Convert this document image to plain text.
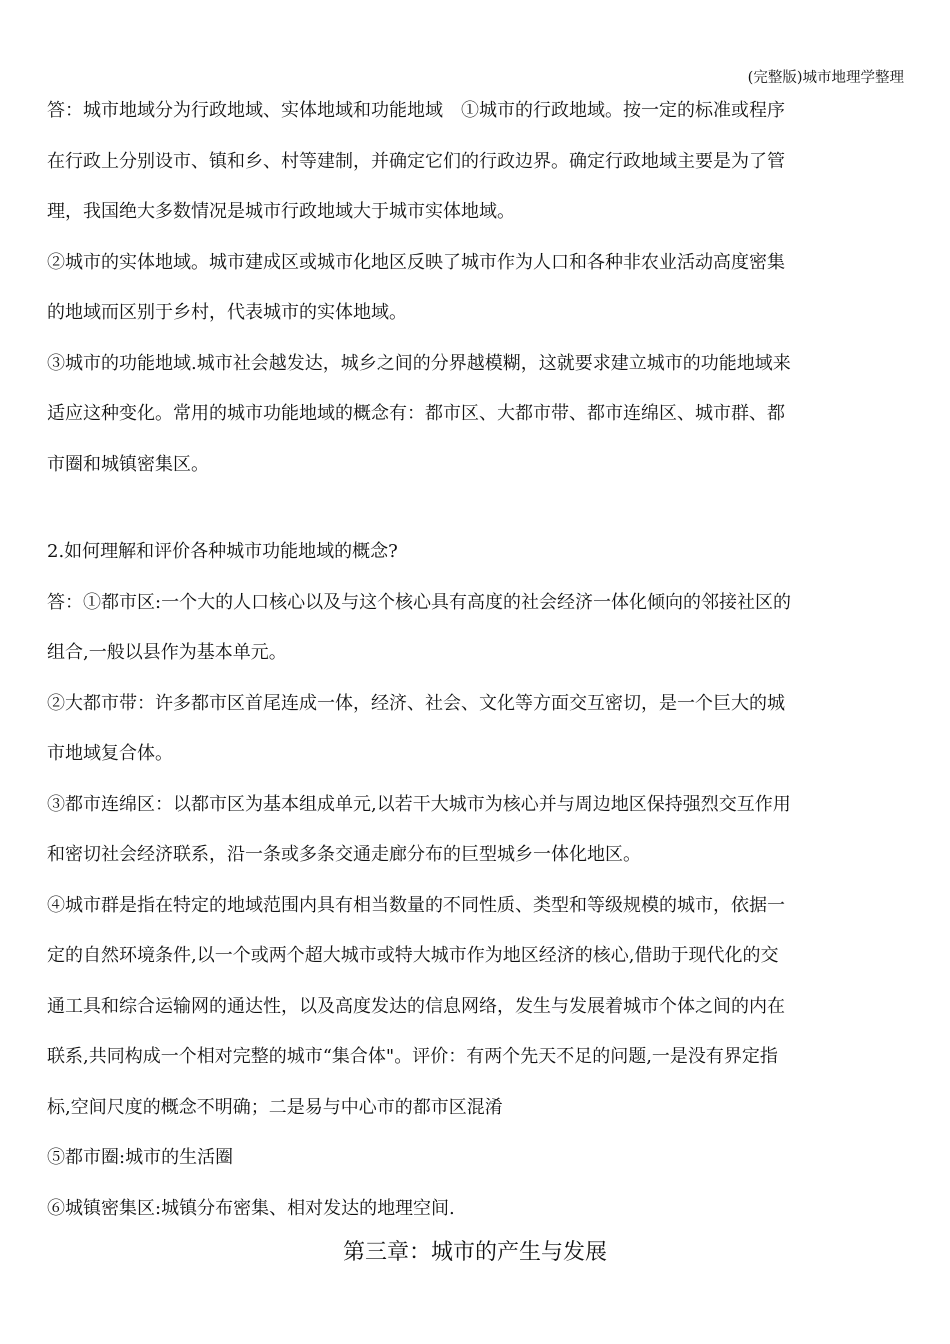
(完整版)城市地理学整理
答：城市地域分为行政地域、实体地域和功能地域　①城市的行政地域。按一定的标准或程序
在行政上分别设市、镇和乡、村等建制，并确定它们的行政边界。确定行政地域主要是为了管
理，我国绝大多数情况是城市行政地域大于城市实体地域。
②城市的实体地域。城市建成区或城市化地区反映了城市作为人口和各种非农业活动高度密集
的地域而区别于乡村，代表城市的实体地域。
③城市的功能地域.城市社会越发达，城乡之间的分界越模糊，这就要求建立城市的功能地域来
适应这种变化。常用的城市功能地域的概念有：都市区、大都市带、都市连绵区、城市群、都
市圈和城镇密集区。
2.如何理解和评价各种城市功能地域的概念?
答：①都市区:一个大的人口核心以及与这个核心具有高度的社会经济一体化倾向的邻接社区的
组合,一般以县作为基本单元。
②大都市带：许多都市区首尾连成一体，经济、社会、文化等方面交互密切，是一个巨大的城
市地域复合体。
③都市连绵区：以都市区为基本组成单元,以若干大城市为核心并与周边地区保持强烈交互作用
和密切社会经济联系，沿一条或多条交通走廊分布的巨型城乡一体化地区。
④城市群是指在特定的地域范围内具有相当数量的不同性质、类型和等级规模的城市，依据一
定的自然环境条件,以一个或两个超大城市或特大城市作为地区经济的核心,借助于现代化的交
通工具和综合运输网的通达性，以及高度发达的信息网络，发生与发展着城市个体之间的内在
联系,共同构成一个相对完整的城市“集合体"。评价：有两个先天不足的问题,一是没有界定指
标,空间尺度的概念不明确；二是易与中心市的都市区混淆
⑤都市圈:城市的生活圈
⑥城镇密集区:城镇分布密集、相对发达的地理空间.
第三章：城市的产生与发展
